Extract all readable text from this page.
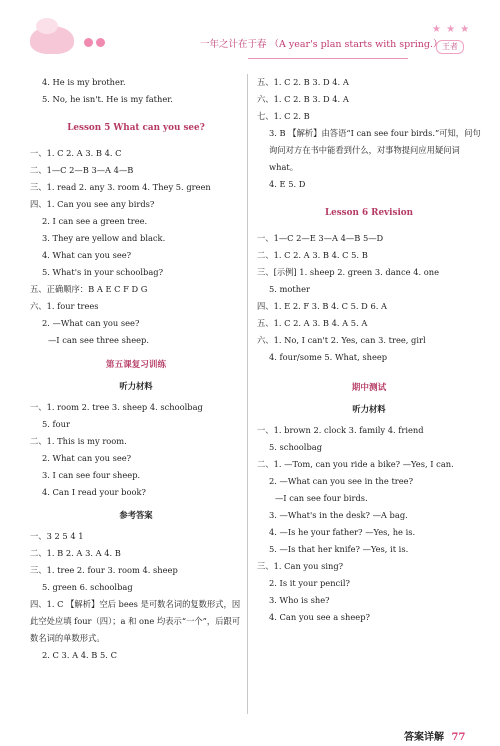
一年之计在于春 （A year's plan starts with spring.）
★ ★ ★
王者
4. He is my brother.
5. No, he isn't. He is my father.
Lesson 5 What can you see?
一、1. C 2. A 3. B 4. C
二、1—C 2—B 3—A 4—B
三、1. read 2. any 3. room 4. They 5. green
四、1. Can you see any birds?
2. I can see a green tree.
3. They are yellow and black.
4. What can you see?
5. What's in your schoolbag?
五、正确顺序：B A E C F D G
六、1. four trees
2. —What can you see?
—I can see three sheep.
第五课复习训练
听力材料
一、1. room 2. tree 3. sheep 4. schoolbag
5. four
二、1. This is my room.
2. What can you see?
3. I can see four sheep.
4. Can I read your book?
参考答案
一、3 2 5 4 1
二、1. B 2. A 3. A 4. B
三、1. tree 2. four 3. room 4. sheep
5. green 6. schoolbag
四、1. C 【解析】空后 bees 是可数名词的复数形式，因此空处应填 four（四）；a 和 one 均表示“一个”，后跟可数名词的单数形式。
2. C 3. A 4. B 5. C
五、1. C 2. B 3. D 4. A
六、1. C 2. B 3. D 4. A
七、1. C 2. B
3. B 【解析】由答语“I can see four birds.”可知，问句询问对方在书中能看到什么，对事物提问应用疑问词 what。
4. E 5. D
Lesson 6 Revision
一、1—C 2—E 3—A 4—B 5—D
二、1. C 2. A 3. B 4. C 5. B
三、[示例] 1. sheep 2. green 3. dance 4. one
5. mother
四、1. E 2. F 3. B 4. C 5. D 6. A
五、1. C 2. A 3. B 4. A 5. A
六、1. No, I can't 2. Yes, can 3. tree, girl
4. four/some 5. What, sheep
期中测试
听力材料
一、1. brown 2. clock 3. family 4. friend
5. schoolbag
二、1. —Tom, can you ride a bike? —Yes, I can.
2. —What can you see in the tree?
—I can see four birds.
3. —What's in the desk? —A bag.
4. —Is he your father? —Yes, he is.
5. —Is that her knife? —Yes, it is.
三、1. Can you sing?
2. Is it your pencil?
3. Who is she?
4. Can you see a sheep?
答案详解 77
